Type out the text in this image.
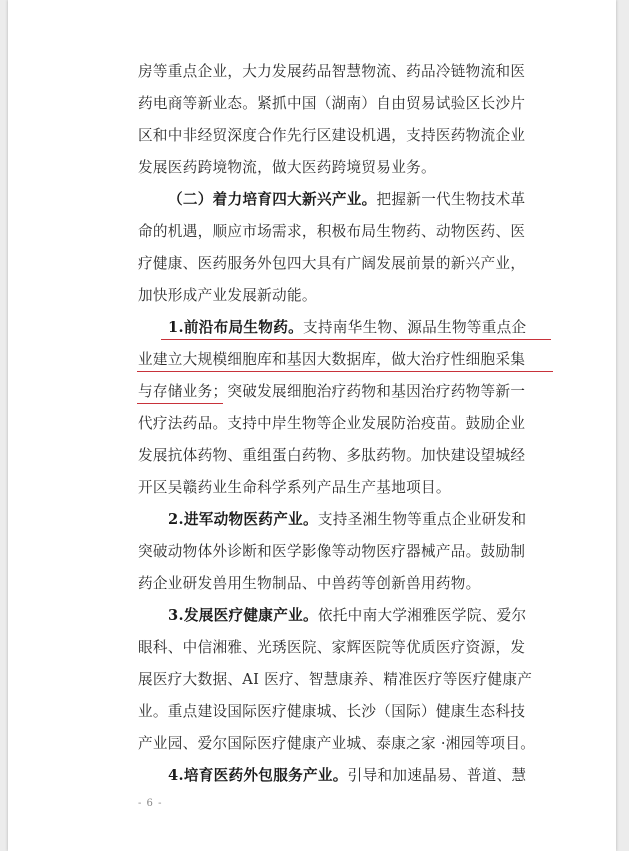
房等重点企业，大力发展药品智慧物流、药品冷链物流和医
药电商等新业态。紧抓中国（湖南）自由贸易试验区长沙片
区和中非经贸深度合作先行区建设机遇，支持医药物流企业
发展医药跨境物流，做大医药跨境贸易业务。
（二）着力培育四大新兴产业。把握新一代生物技术革
命的机遇，顺应市场需求，积极布局生物药、动物医药、医
疗健康、医药服务外包四大具有广阔发展前景的新兴产业，
加快形成产业发展新动能。
1.前沿布局生物药。支持南华生物、源品生物等重点企
业建立大规模细胞库和基因大数据库，做大治疗性细胞采集
与存储业务；突破发展细胞治疗药物和基因治疗药物等新一
代疗法药品。支持中岸生物等企业发展防治疫苗。鼓励企业
发展抗体药物、重组蛋白药物、多肽药物。加快建设望城经
开区吴赣药业生命科学系列产品生产基地项目。
2.进军动物医药产业。支持圣湘生物等重点企业研发和
突破动物体外诊断和医学影像等动物医疗器械产品。鼓励制
药企业研发兽用生物制品、中兽药等创新兽用药物。
3.发展医疗健康产业。依托中南大学湘雅医学院、爱尔
眼科、中信湘雅、光琇医院、家辉医院等优质医疗资源，发
展医疗大数据、AI 医疗、智慧康养、精准医疗等医疗健康产
业。重点建设国际医疗健康城、长沙（国际）健康生态科技
产业园、爱尔国际医疗健康产业城、泰康之家 ·湘园等项目。
4.培育医药外包服务产业。引导和加速晶易、普道、慧
- 6 -
